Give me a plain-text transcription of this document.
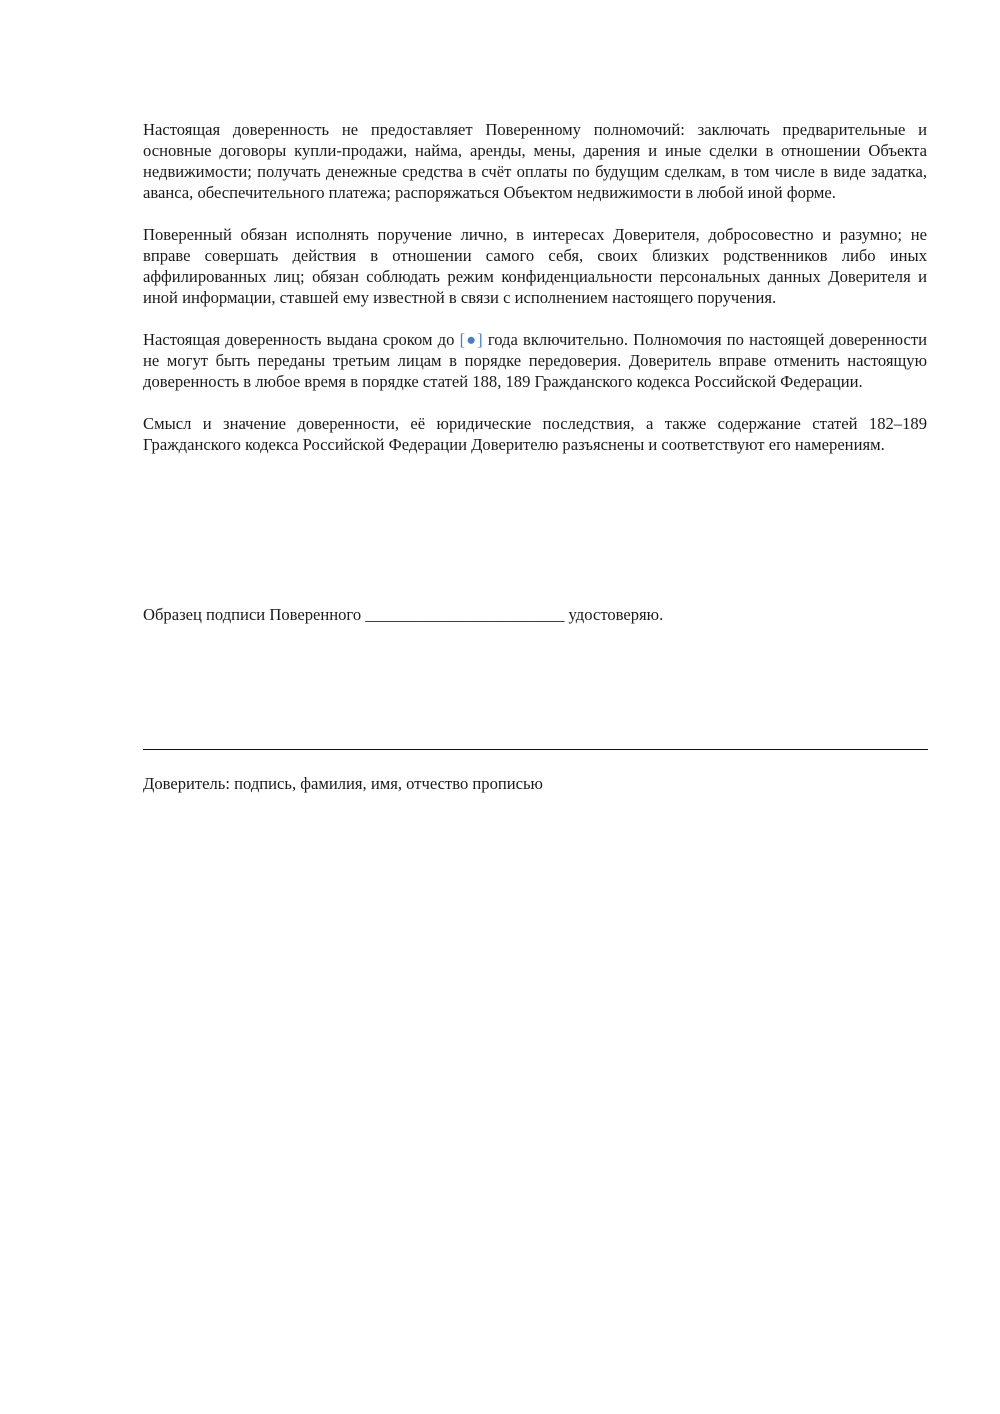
Настоящая доверенность не предоставляет Поверенному полномочий: заключать предварительные и основные договоры купли-продажи, найма, аренды, мены, дарения и иные сделки в отношении Объекта недвижимости; получать денежные средства в счёт оплаты по будущим сделкам, в том числе в виде задатка, аванса, обеспечительного платежа; распоряжаться Объектом недвижимости в любой иной форме.

Поверенный обязан исполнять поручение лично, в интересах Доверителя, добросовестно и разумно; не вправе совершать действия в отношении самого себя, своих близких родственников либо иных аффилированных лиц; обязан соблюдать режим конфиденциальности персональных данных Доверителя и иной информации, ставшей ему известной в связи с исполнением настоящего поручения.

Настоящая доверенность выдана сроком до [●] года включительно. Полномочия по настоящей доверенности не могут быть переданы третьим лицам в порядке передоверия. Доверитель вправе отменить настоящую доверенность в любое время в порядке статей 188, 189 Гражданского кодекса Российской Федерации.

Смысл и значение доверенности, её юридические последствия, а также содержание статей 182–189 Гражданского кодекса Российской Федерации Доверителю разъяснены и соответствуют его намерениям.

Образец подписи Поверенного ________________________ удостоверяю.
Доверитель: подпись, фамилия, имя, отчество прописью
